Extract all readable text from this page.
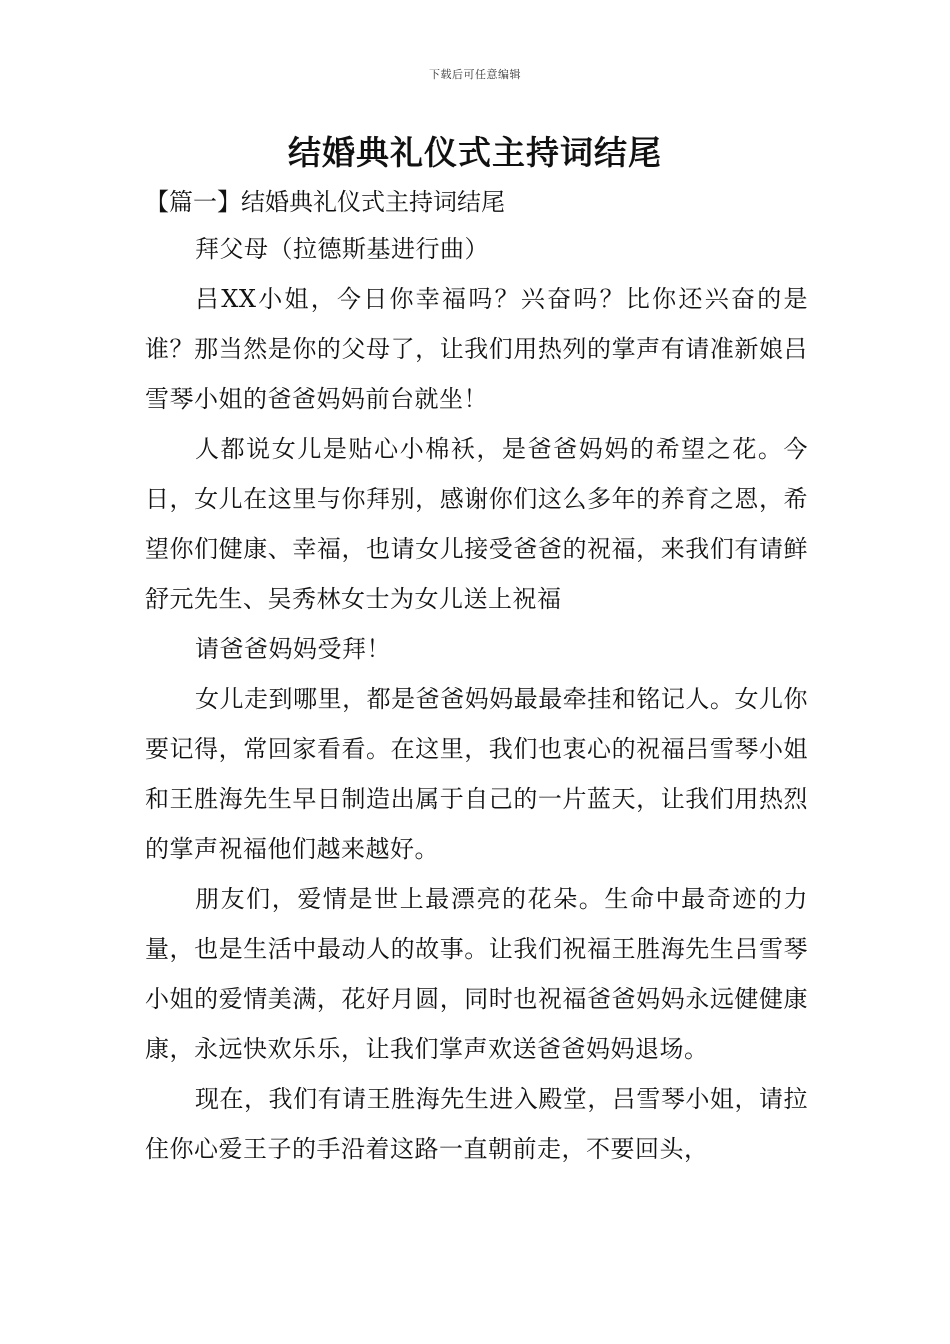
下载后可任意编辑
结婚典礼仪式主持词结尾
【篇一】结婚典礼仪式主持词结尾

拜父母（拉德斯基进行曲）

吕XX小姐，今日你幸福吗？兴奋吗？比你还兴奋的是谁？那当然是你的父母了，让我们用热列的掌声有请准新娘吕雪琴小姐的爸爸妈妈前台就坐！

人都说女儿是贴心小棉袄，是爸爸妈妈的希望之花。今日，女儿在这里与你拜别，感谢你们这么多年的养育之恩，希望你们健康、幸福，也请女儿接受爸爸的祝福，来我们有请鲜舒元先生、吴秀林女士为女儿送上祝福

请爸爸妈妈受拜！

女儿走到哪里，都是爸爸妈妈最最牵挂和铭记人。女儿你要记得，常回家看看。在这里，我们也衷心的祝福吕雪琴小姐和王胜海先生早日制造出属于自己的一片蓝天，让我们用热烈的掌声祝福他们越来越好。

朋友们，爱情是世上最漂亮的花朵。生命中最奇迹的力量，也是生活中最动人的故事。让我们祝福王胜海先生吕雪琴小姐的爱情美满，花好月圆，同时也祝福爸爸妈妈永远健健康康，永远快欢乐乐，让我们掌声欢送爸爸妈妈退场。

现在，我们有请王胜海先生进入殿堂，吕雪琴小姐，请拉住你心爱王子的手沿着这路一直朝前走，不要回头，
